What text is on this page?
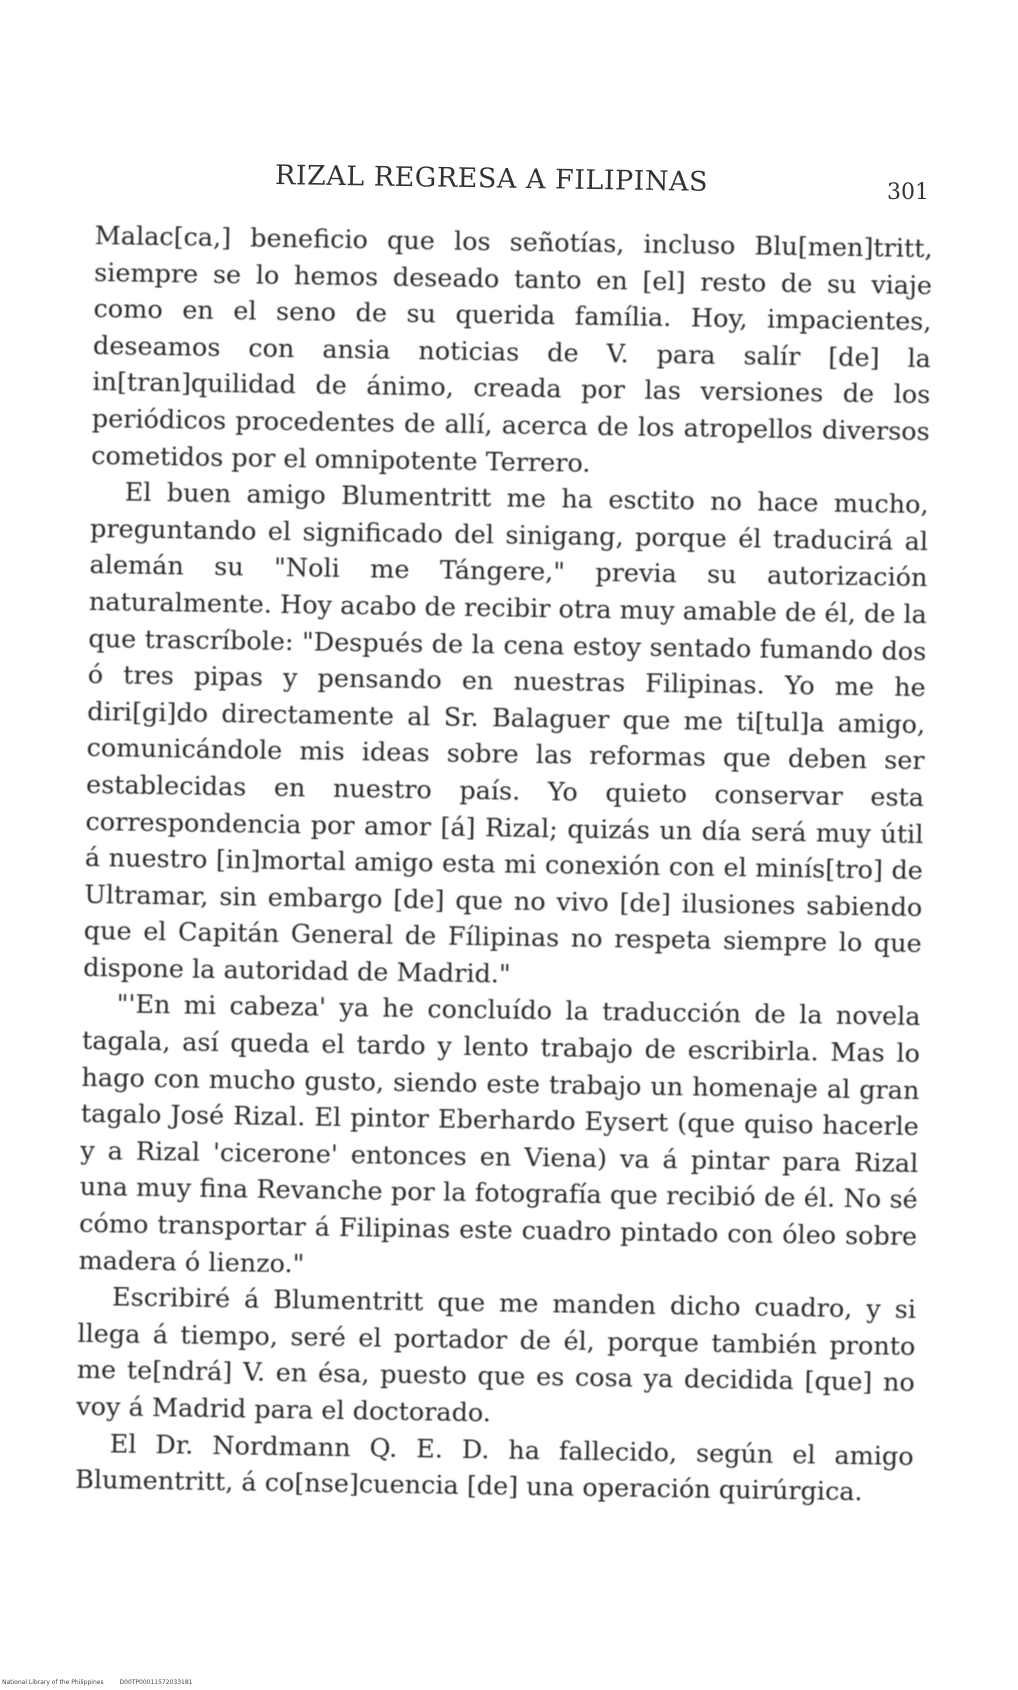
RIZAL REGRESA A FILIPINAS	301

Malac[ca,] beneficio que los señotías, incluso Blu[men]tritt, siempre se lo hemos deseado tanto en [el] resto de su viaje como en el seno de su querida família. Hoy, impacientes, deseamos con ansia noticias de V. para salír [de] la in[tran]quilidad de ánimo, creada por las versiones de los periódicos procedentes de allí, acerca de los atropellos diversos cometidos por el omnipotente Terrero.

El buen amigo Blumentritt me ha esctito no hace mucho, preguntando el significado del sinigang, porque él traducirá al alemán su "Noli me Tángere," previa su autorización naturalmente. Hoy acabo de recibir otra muy amable de él, de la que trascríbole: "Después de la cena estoy sentado fumando dos ó tres pipas y pensando en nuestras Filipinas. Yo me he diri[gi]do directamente al Sr. Balaguer que me ti[tul]a amigo, comunicándole mis ideas sobre las reformas que deben ser establecidas en nuestro país. Yo quieto conservar esta correspondencia por amor [á] Rizal; quizás un día será muy útil á nuestro [in]mortal amigo esta mi conexión con el minís[tro] de Ultramar, sin embargo [de] que no vivo [de] ilusiones sabiendo que el Capitán General de Fílipinas no respeta siempre lo que dispone la autoridad de Madrid."

"'En mi cabeza' ya he concluído la traducción de la novela tagala, así queda el tardo y lento trabajo de escribirla. Mas lo hago con mucho gusto, siendo este trabajo un homenaje al gran tagalo José Rizal. El pintor Eberhardo Eysert (que quiso hacerle y a Rizal 'cicerone' entonces en Viena) va á pintar para Rizal una muy fina Revanche por la fotografía que recibió de él. No sé cómo transportar á Filipinas este cuadro pintado con óleo sobre madera ó lienzo."

Escribiré á Blumentritt que me manden dicho cuadro, y si llega á tiempo, seré el portador de él, porque también pronto me te[ndrá] V. en ésa, puesto que es cosa ya decidida [que] no voy á Madrid para el doctorado.

El Dr. Nordmann Q. E. D. ha fallecido, según el amigo Blumentritt, á co[nse]cuencia [de] una operación quirúrgica.

National Library of the Philippines	D00TP00011572033181
